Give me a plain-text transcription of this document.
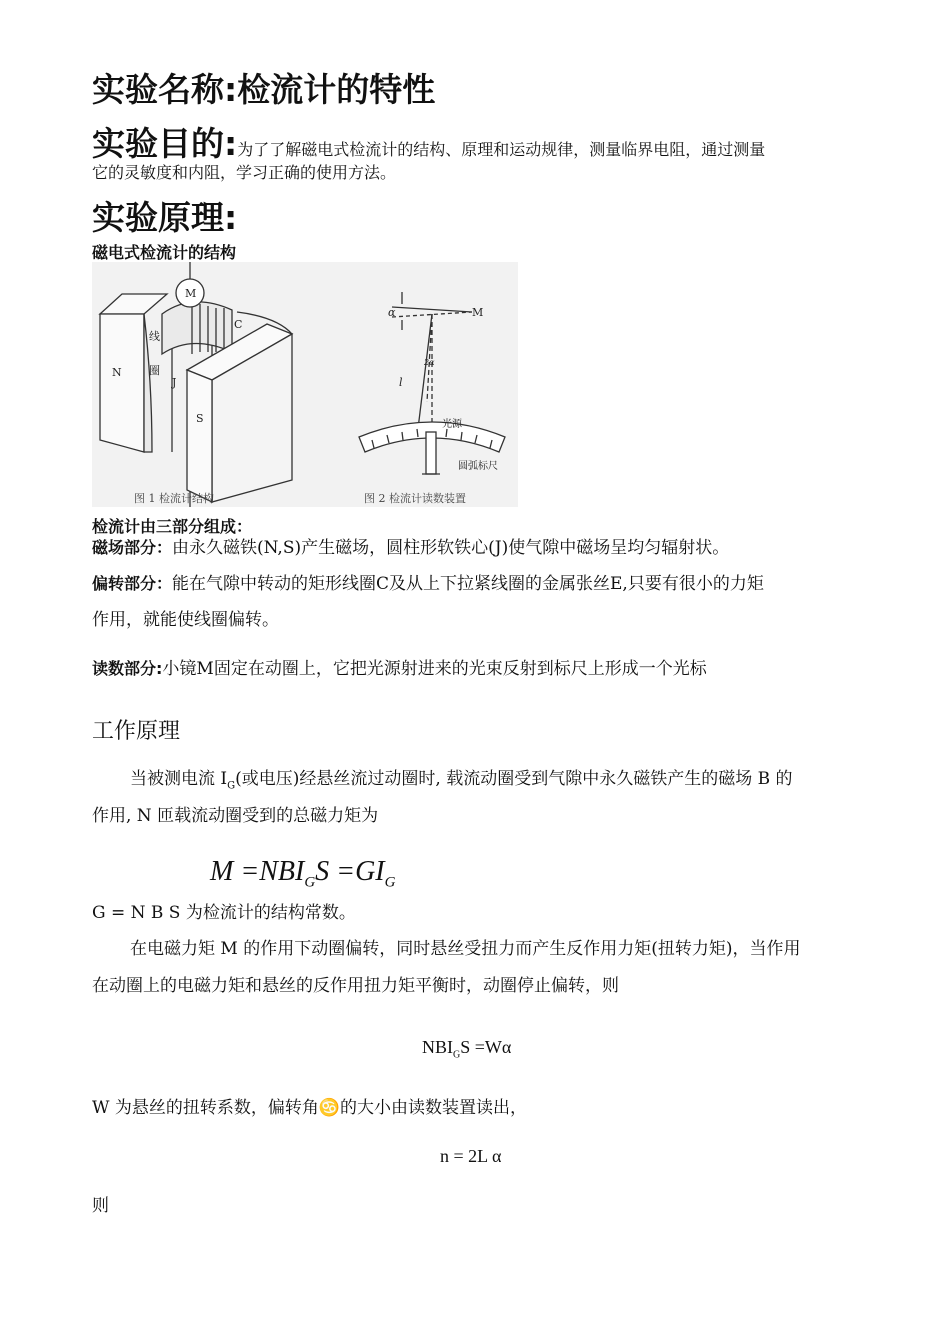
实验名称:检流计的特性
实验目的:为了了解磁电式检流计的结构、原理和运动规律，测量临界电阻，通过测量
它的灵敏度和内阻，学习正确的使用方法。
实验原理:
磁电式检流计的结构
M
C
线
圈
J
N
S
α	M
2α
l
光源
圆弧标尺
图 1 检流计结构	图 2 检流计读数装置
检流计由三部分组成：
磁场部分：由永久磁铁(N,S)产生磁场，圆柱形软铁心(J)使气隙中磁场呈均匀辐射状。
偏转部分：能在气隙中转动的矩形线圈C及从上下拉紧线圈的金属张丝E,只要有很小的力矩
作用，就能使线圈偏转。
读数部分:小镜M固定在动圈上，它把光源射进来的光束反射到标尺上形成一个光标
工作原理
当被测电流 $I_G$(或电压)经悬丝流过动圈时, 载流动圈受到气隙中永久磁铁产生的磁场 B 的
作用, N 匝载流动圈受到的总磁力矩为
$M =NBI_GS =GI_G$
G = N B S 为检流计的结构常数。
在电磁力矩 M 的作用下动圈偏转，同时悬丝受扭力而产生反作用力矩(扭转力矩)，当作用
在动圈上的电磁力矩和悬丝的反作用扭力矩平衡时，动圈停止偏转，则
$NBI_GS =W\alpha$
W 为悬丝的扭转系数，偏转角♋的大小由读数装置读出，
n = 2L α
则
